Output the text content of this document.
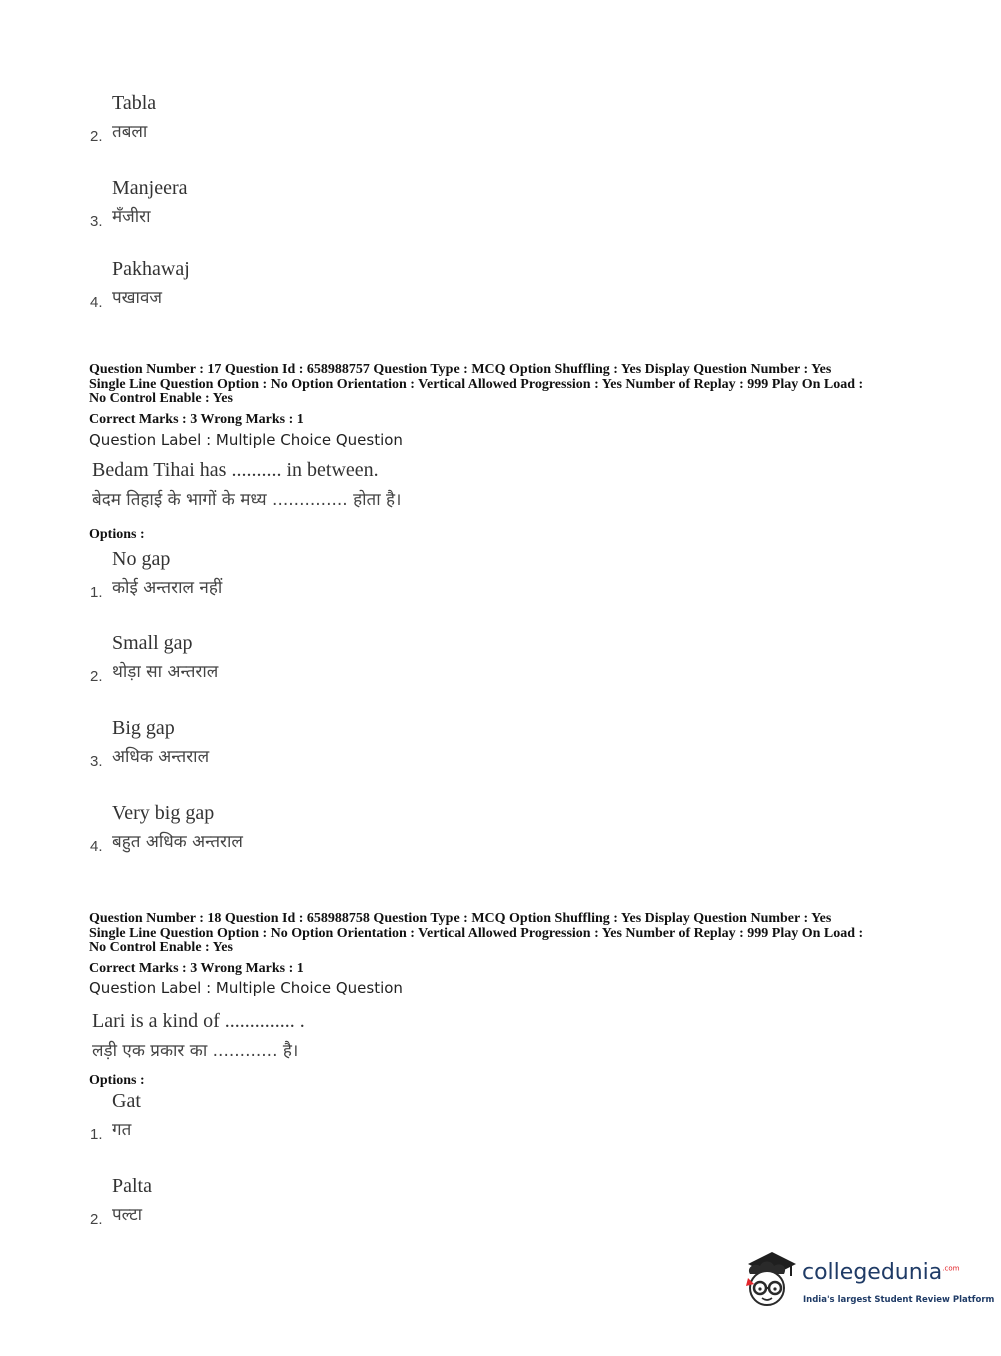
2.
Tabla
तबला
3.
Manjeera
मँजीरा
4.
Pakhawaj
पखावज
Question Number : 17 Question Id : 658988757 Question Type : MCQ Option Shuffling : Yes Display Question Number : Yes
Single Line Question Option : No Option Orientation : Vertical Allowed Progression : Yes Number of Replay : 999 Play On Load :
No Control Enable : Yes
Correct Marks : 3 Wrong Marks : 1
Question Label : Multiple Choice Question
Bedam Tihai has .......... in between.
बेदम तिहाई के भागों के मध्य .............. होता है।
Options :
1.
No gap
कोई अन्तराल नहीं
2.
Small gap
थोड़ा सा अन्तराल
3.
Big gap
अधिक अन्तराल
4.
Very big gap
बहुत अधिक अन्तराल
Question Number : 18 Question Id : 658988758 Question Type : MCQ Option Shuffling : Yes Display Question Number : Yes
Single Line Question Option : No Option Orientation : Vertical Allowed Progression : Yes Number of Replay : 999 Play On Load :
No Control Enable : Yes
Correct Marks : 3 Wrong Marks : 1
Question Label : Multiple Choice Question
Lari is a kind of .............. .
लड़ी एक प्रकार का ............ है।
Options :
1.
Gat
गत
2.
Palta
पल्टा
collegedunia$^{.com}$
India's largest Student Review Platform
